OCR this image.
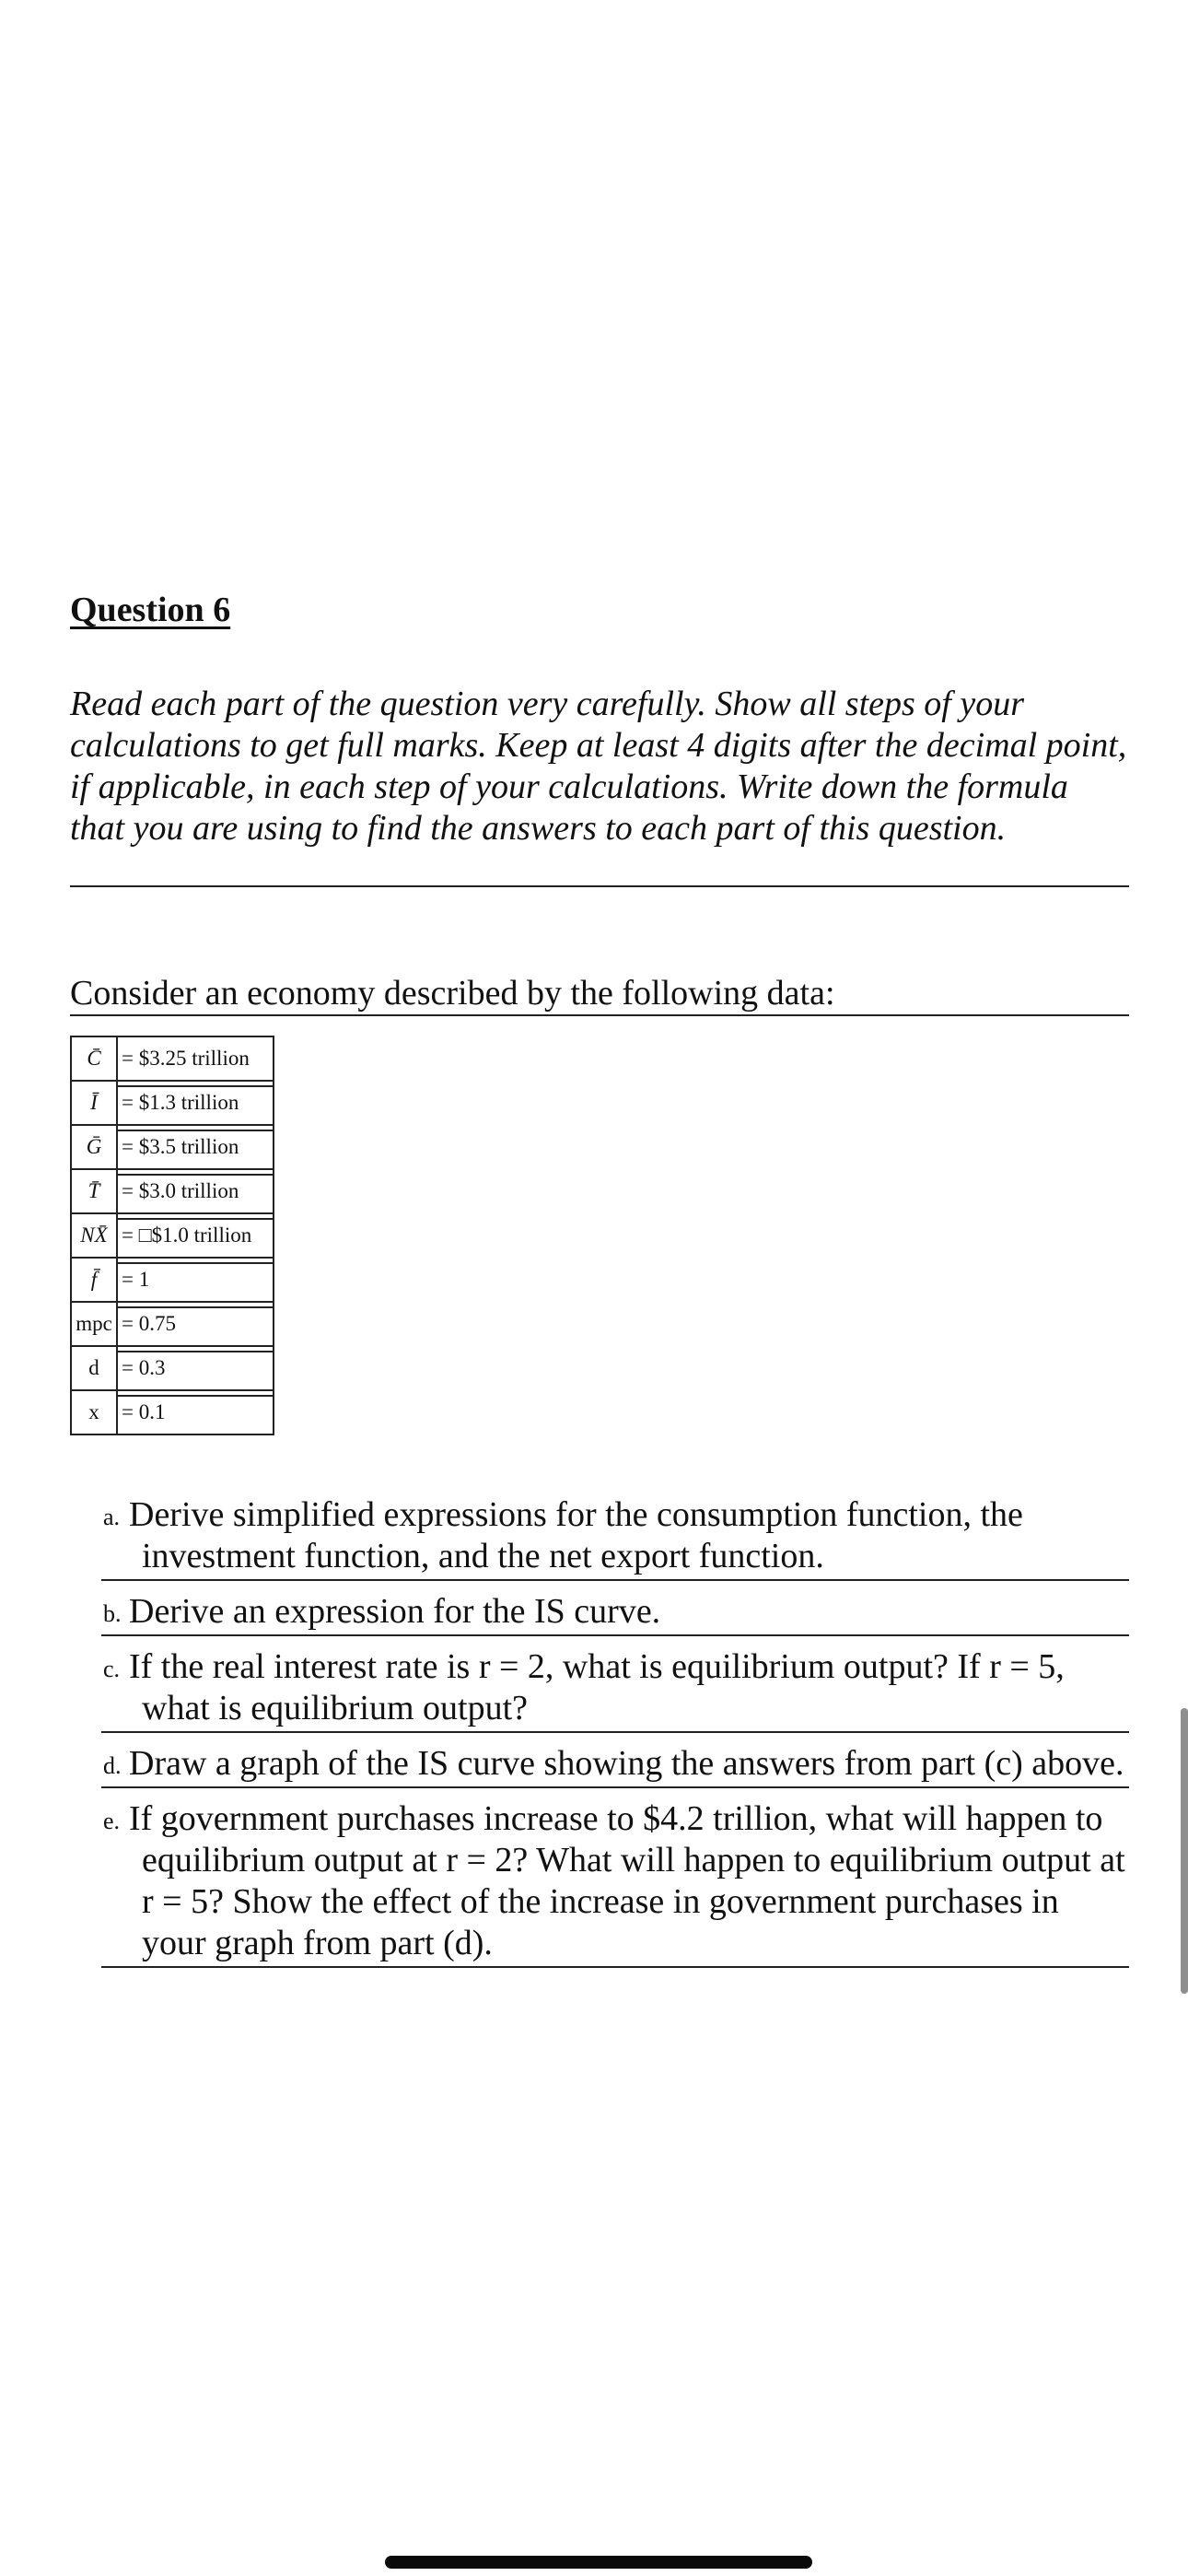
Question 6

Read each part of the question very carefully. Show all steps of your calculations to get full marks. Keep at least 4 digits after the decimal point, if applicable, in each step of your calculations. Write down the formula that you are using to find the answers to each part of this question.

Consider an economy described by the following data:

C̄	= $3.25 trillion
Ī	= $1.3 trillion
Ḡ	= $3.5 trillion
T̄	= $3.0 trillion
NX̄	= □$1.0 trillion
f̄	= 1
mpc	= 0.75
d	= 0.3
x	= 0.1
a. Derive simplified expressions for the consumption function, the investment function, and the net export function.
b. Derive an expression for the IS curve.
c. If the real interest rate is r = 2, what is equilibrium output? If r = 5, what is equilibrium output?
d. Draw a graph of the IS curve showing the answers from part (c) above.
e. If government purchases increase to $4.2 trillion, what will happen to equilibrium output at r = 2? What will happen to equilibrium output at r = 5? Show the effect of the increase in government purchases in your graph from part (d).
